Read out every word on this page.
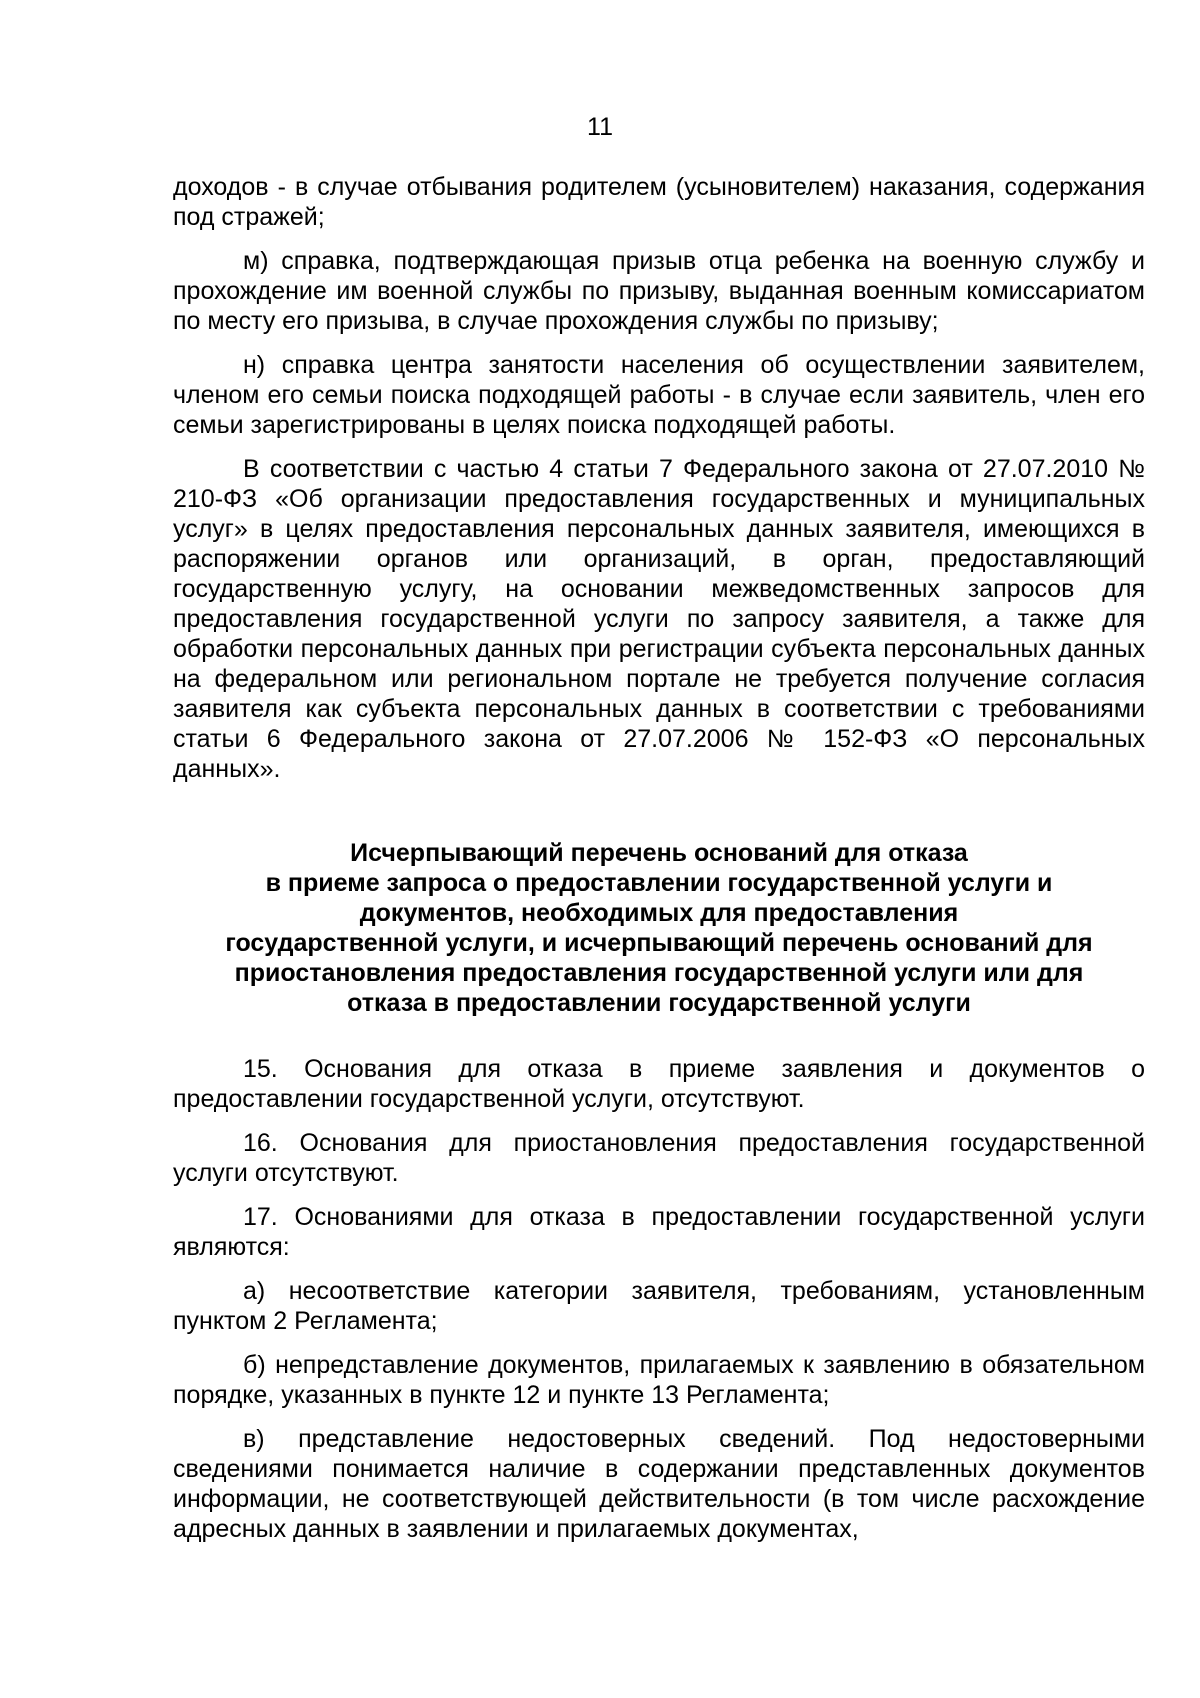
11

доходов - в случае отбывания родителем (усыновителем) наказания, содержания под стражей;

м) справка, подтверждающая призыв отца ребенка на военную службу и прохождение им военной службы по призыву, выданная военным комиссариатом по месту его призыва, в случае прохождения службы по призыву;

н) справка центра занятости населения об осуществлении заявителем, членом его семьи поиска подходящей работы - в случае если заявитель, член его семьи зарегистрированы в целях поиска подходящей работы.

В соответствии с частью 4 статьи 7 Федерального закона от 27.07.2010 № 210-ФЗ «Об организации предоставления государственных и муниципальных услуг» в целях предоставления персональных данных заявителя, имеющихся в распоряжении органов или организаций, в орган, предоставляющий государственную услугу, на основании межведомственных запросов для предоставления государственной услуги по запросу заявителя, а также для обработки персональных данных при регистрации субъекта персональных данных на федеральном или региональном портале не требуется получение согласия заявителя как субъекта персональных данных в соответствии с требованиями статьи 6 Федерального закона от 27.07.2006 № 152-ФЗ «О персональных данных».

Исчерпывающий перечень оснований для отказа
в приеме запроса о предоставлении государственной услуги и
документов, необходимых для предоставления
государственной услуги, и исчерпывающий перечень оснований для
приостановления предоставления государственной услуги или для
отказа в предоставлении государственной услуги

15. Основания для отказа в приеме заявления и документов о предоставлении государственной услуги, отсутствуют.

16. Основания для приостановления предоставления государственной услуги отсутствуют.

17. Основаниями для отказа в предоставлении государственной услуги являются:

а) несоответствие категории заявителя, требованиям, установленным пунктом 2 Регламента;

б) непредставление документов, прилагаемых к заявлению в обязательном порядке, указанных в пункте 12 и пункте 13 Регламента;

в) представление недостоверных сведений. Под недостоверными сведениями понимается наличие в содержании представленных документов информации, не соответствующей действительности (в том числе расхождение адресных данных в заявлении и прилагаемых документах,
